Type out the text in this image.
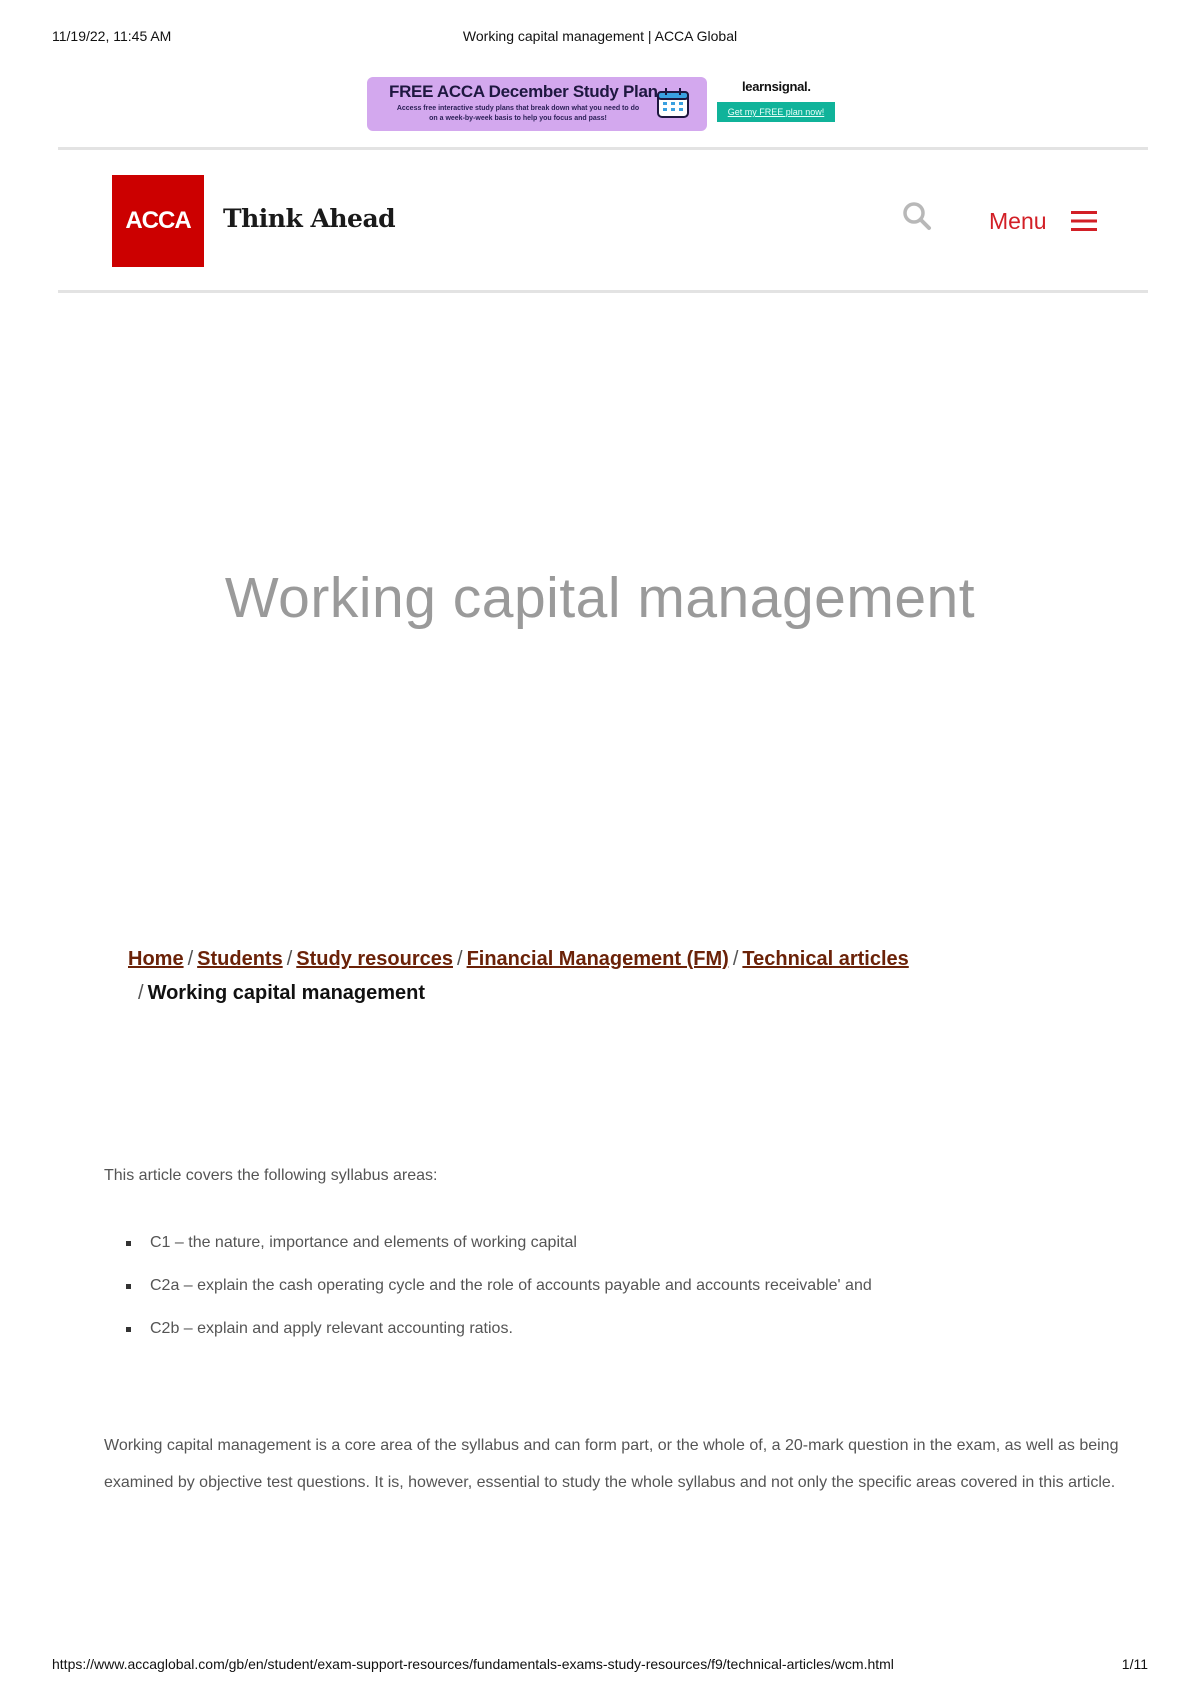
11/19/22, 11:45 AM	Working capital management | ACCA Global
FREE ACCA December Study Plan
Access free interactive study plans that break down what you need to do on a week-by-week basis to help you focus and pass!
learnsignal.
Get my FREE plan now!
ACCA	Think Ahead	Menu
Working capital management
Home / Students / Study resources / Financial Management (FM) / Technical articles
/ Working capital management

This article covers the following syllabus areas:

C1 – the nature, importance and elements of working capital
C2a – explain the cash operating cycle and the role of accounts payable and accounts receivable' and
C2b – explain and apply relevant accounting ratios.

Working capital management is a core area of the syllabus and can form part, or the whole of, a 20-mark question in the exam, as well as being examined by objective test questions. It is, however, essential to study the whole syllabus and not only the specific areas covered in this article.

https://www.accaglobal.com/gb/en/student/exam-support-resources/fundamentals-exams-study-resources/f9/technical-articles/wcm.html	1/11
